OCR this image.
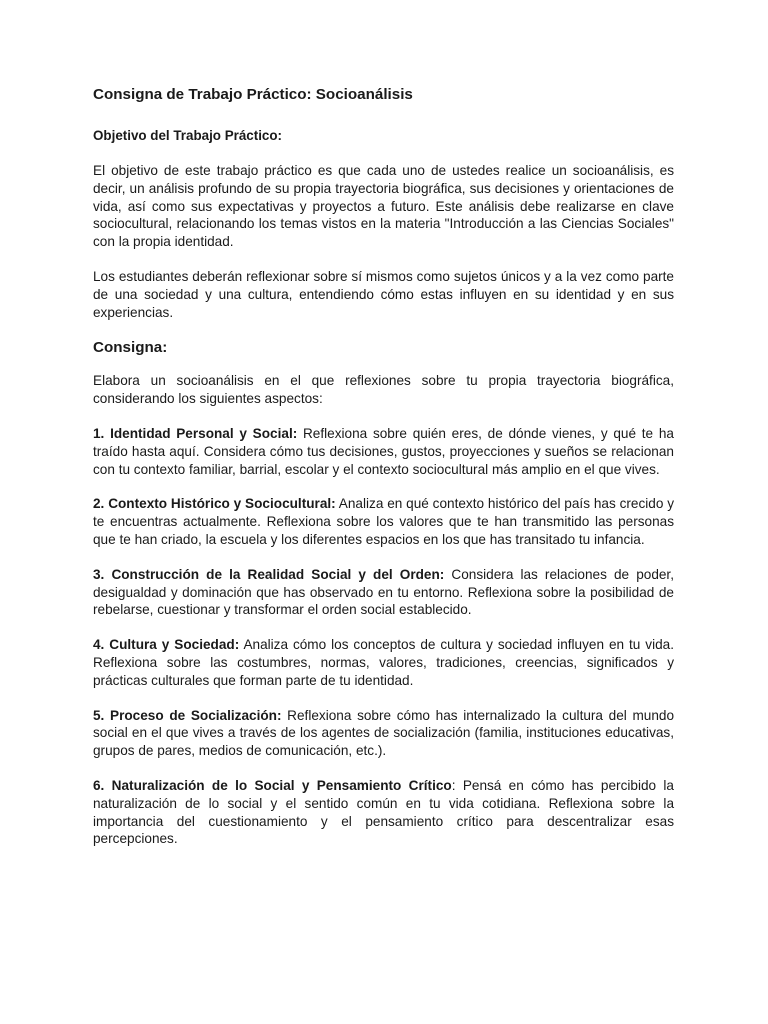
Consigna de Trabajo Práctico: Socioanálisis
Objetivo del Trabajo Práctico:

El objetivo de este trabajo práctico es que cada uno de ustedes realice un socioanálisis, es decir, un análisis profundo de su propia trayectoria biográfica, sus decisiones y orientaciones de vida, así como sus expectativas y proyectos a futuro. Este análisis debe realizarse en clave sociocultural, relacionando los temas vistos en la materia "Introducción a las Ciencias Sociales" con la propia identidad.

Los estudiantes deberán reflexionar sobre sí mismos como sujetos únicos y a la vez como parte de una sociedad y una cultura, entendiendo cómo estas influyen en su identidad y en sus experiencias.

Consigna:

Elabora un socioanálisis en el que reflexiones sobre tu propia trayectoria biográfica, considerando los siguientes aspectos:

1. Identidad Personal y Social: Reflexiona sobre quién eres, de dónde vienes, y qué te ha traído hasta aquí. Considera cómo tus decisiones, gustos, proyecciones y sueños se relacionan con tu contexto familiar, barrial, escolar y el contexto sociocultural más amplio en el que vives.

2. Contexto Histórico y Sociocultural: Analiza en qué contexto histórico del país has crecido y te encuentras actualmente. Reflexiona sobre los valores que te han transmitido las personas que te han criado, la escuela y los diferentes espacios en los que has transitado tu infancia.

3. Construcción de la Realidad Social y del Orden: Considera las relaciones de poder, desigualdad y dominación que has observado en tu entorno. Reflexiona sobre la posibilidad de rebelarse, cuestionar y transformar el orden social establecido.

4. Cultura y Sociedad: Analiza cómo los conceptos de cultura y sociedad influyen en tu vida. Reflexiona sobre las costumbres, normas, valores, tradiciones, creencias, significados y prácticas culturales que forman parte de tu identidad.

5. Proceso de Socialización: Reflexiona sobre cómo has internalizado la cultura del mundo social en el que vives a través de los agentes de socialización (familia, instituciones educativas, grupos de pares, medios de comunicación, etc.).

6. Naturalización de lo Social y Pensamiento Crítico: Pensá en cómo has percibido la naturalización de lo social y el sentido común en tu vida cotidiana. Reflexiona sobre la importancia del cuestionamiento y el pensamiento crítico para descentralizar esas percepciones.
